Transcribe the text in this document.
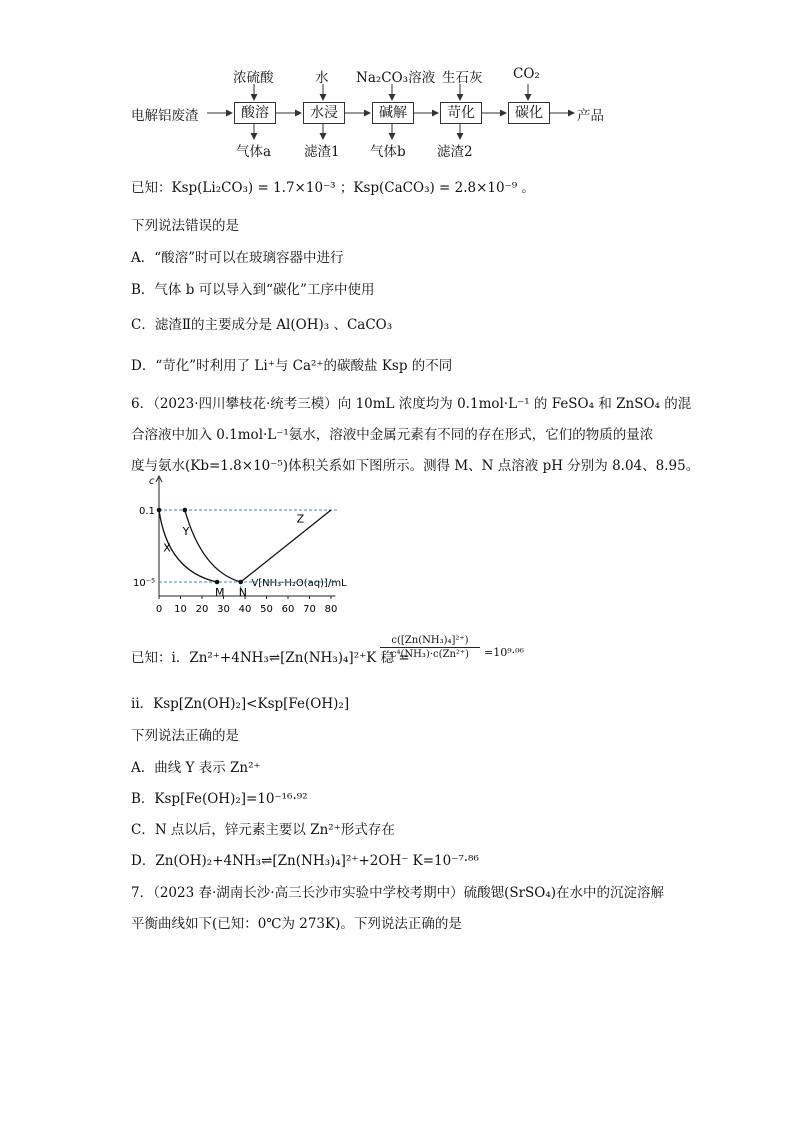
浓硫酸	水 Na₂CO₃溶液 生石灰 CO₂
电解铝废渣	产品
酸溶	水浸	碱解	苛化	碳化
气体a 滤渣1 气体b 滤渣2
已知：Ksp(Li₂CO₃) = 1.7×10⁻³ ；Ksp(CaCO₃) = 2.8×10⁻⁹ 。
下列说法错误的是
A．“酸溶”时可以在玻璃容器中进行
B．气体 b 可以导入到“碳化”工序中使用
C．滤渣Ⅱ的主要成分是 Al(OH)₃ 、CaCO₃
D．“苛化”时利用了 Li⁺与 Ca²⁺的碳酸盐 Ksp 的不同
6．（2023·四川攀枝花·统考三模）向 10mL 浓度均为 0.1mol·L⁻¹ 的 FeSO₄ 和 ZnSO₄ 的混
合溶液中加入 0.1mol·L⁻¹氨水，溶液中金属元素有不同的存在形式，它们的物质的量浓
度与氨水(Kb=1.8×10⁻⁵)体积关系如下图所示。测得 M、N 点溶液 pH 分别为 8.04、8.95。
c
V[NH₃·H₂O(aq)]/mL
0.1
10⁻⁵
0 10 20 30 40 50 60 70 80
X
Y
Z
M N
已知：i．Zn²⁺+4NH₃⇌[Zn(NH₃)₄]²⁺K 稳 =
$\frac{\text{c([Zn(NH₃)₄]²⁺)}}{\text{c⁴(NH₃)·c(Zn²⁺)}} =10^9\cdot^{06}$
ii．Ksp[Zn(OH)₂]<Ksp[Fe(OH)₂]
下列说法正确的是
A．曲线 Y 表示 Zn²⁺
B．Ksp[Fe(OH)₂]=10⁻¹⁶·⁹²
C．N 点以后，锌元素主要以 Zn²⁺形式存在
D．Zn(OH)₂+4NH₃⇌[Zn(NH₃)₄]²⁺+2OH⁻ K=10⁻⁷·⁸⁶
7．（2023 春·湖南长沙·高三长沙市实验中学校考期中）硫酸锶(SrSO₄)在水中的沉淀溶解
平衡曲线如下(已知：0℃为 273K)。下列说法正确的是
